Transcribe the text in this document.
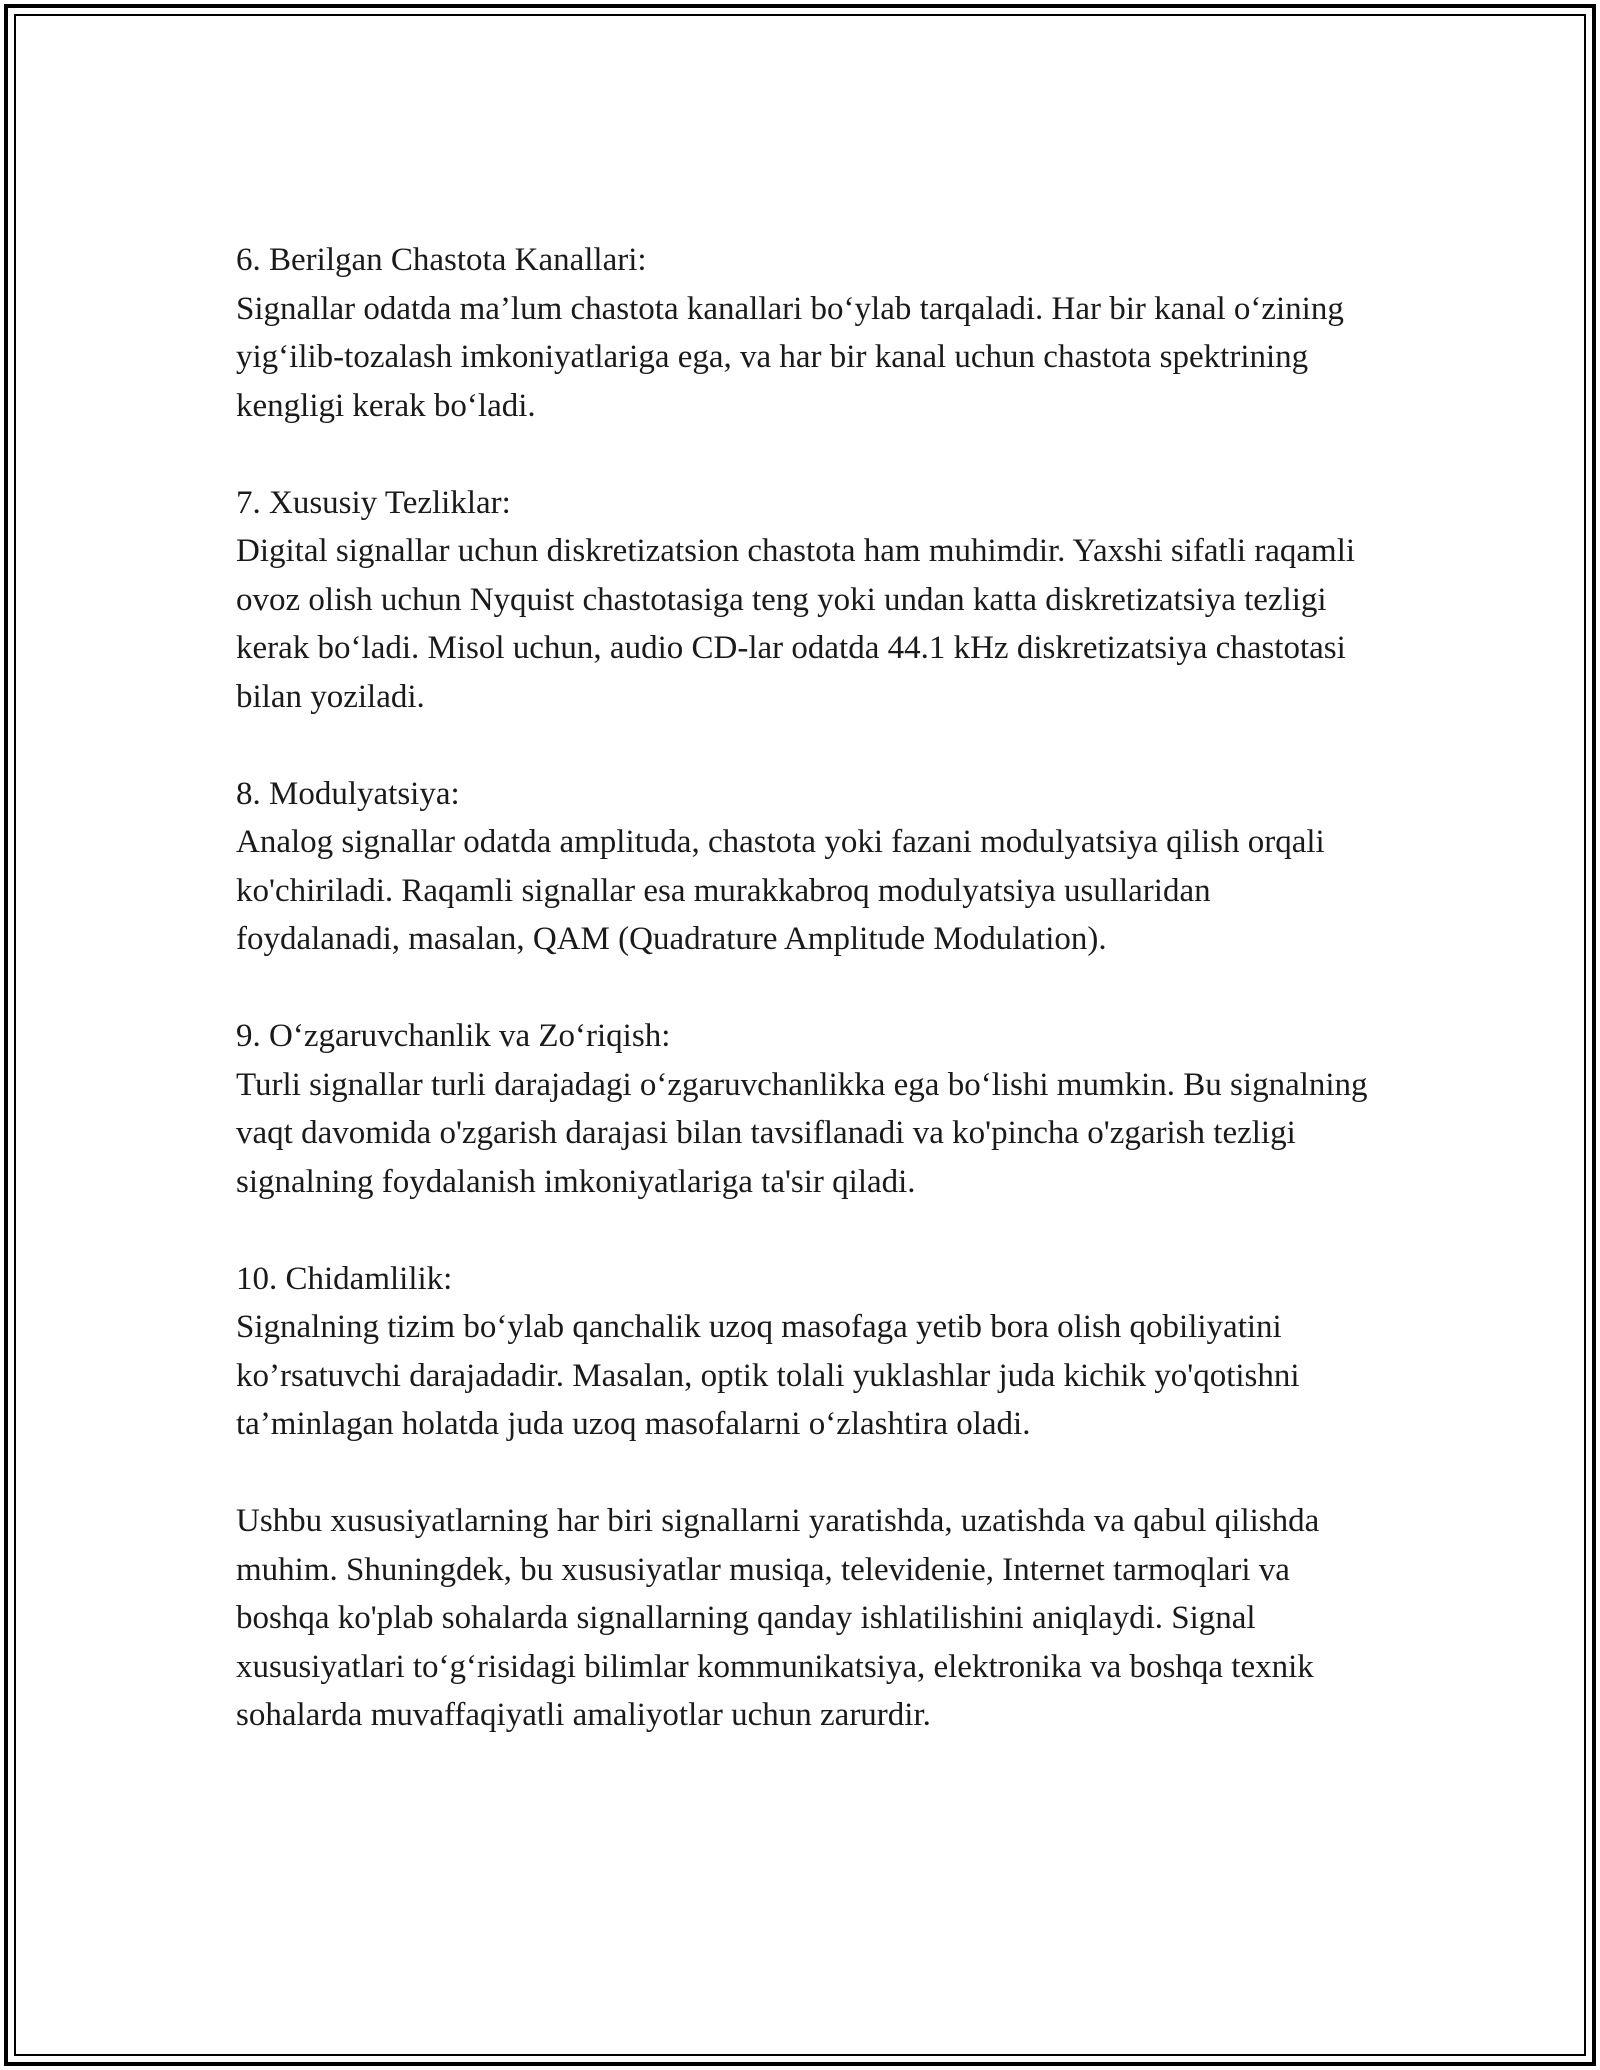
6. Berilgan Chastota Kanallari:

Signallar odatda ma’lum chastota kanallari bo‘ylab tarqaladi. Har bir kanal o‘zining yig‘ilib-tozalash imkoniyatlariga ega, va har bir kanal uchun chastota spektrining kengligi kerak bo‘ladi.

7. Xususiy Tezliklar:

Digital signallar uchun diskretizatsion chastota ham muhimdir. Yaxshi sifatli raqamli ovoz olish uchun Nyquist chastotasiga teng yoki undan katta diskretizatsiya tezligi kerak bo‘ladi. Misol uchun, audio CD-lar odatda 44.1 kHz diskretizatsiya chastotasi bilan yoziladi.

8. Modulyatsiya:

Analog signallar odatda amplituda, chastota yoki fazani modulyatsiya qilish orqali ko'chiriladi. Raqamli signallar esa murakkabroq modulyatsiya usullaridan foydalanadi, masalan, QAM (Quadrature Amplitude Modulation).

9. O‘zgaruvchanlik va Zo‘riqish:

Turli signallar turli darajadagi o‘zgaruvchanlikka ega bo‘lishi mumkin. Bu signalning vaqt davomida o'zgarish darajasi bilan tavsiflanadi va ko'pincha o'zgarish tezligi signalning foydalanish imkoniyatlariga ta'sir qiladi.

10. Chidamlilik:

Signalning tizim bo‘ylab qanchalik uzoq masofaga yetib bora olish qobiliyatini ko’rsatuvchi darajadadir. Masalan, optik tolali yuklashlar juda kichik yo'qotishni ta’minlagan holatda juda uzoq masofalarni o‘zlashtira oladi.

Ushbu xususiyatlarning har biri signallarni yaratishda, uzatishda va qabul qilishda muhim. Shuningdek, bu xususiyatlar musiqa, televidenie, Internet tarmoqlari va boshqa ko'plab sohalarda signallarning qanday ishlatilishini aniqlaydi. Signal xususiyatlari to‘g‘risidagi bilimlar kommunikatsiya, elektronika va boshqa texnik sohalarda muvaffaqiyatli amaliyotlar uchun zarurdir.
